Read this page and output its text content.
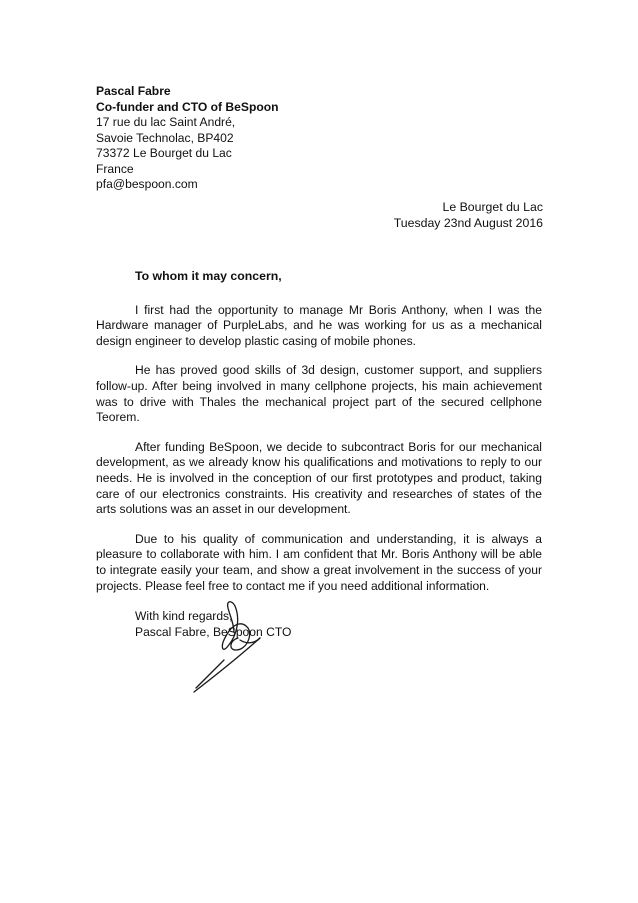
Pascal Fabre
Co-funder and CTO of BeSpoon
17 rue du lac Saint André,
Savoie Technolac, BP402
73372 Le Bourget du Lac
France
pfa@bespoon.com
Le Bourget du Lac
Tuesday 23nd August 2016
To whom it may concern,

I first had the opportunity to manage Mr Boris Anthony, when I was the Hardware manager of PurpleLabs, and he was working for us as a mechanical design engineer to develop plastic casing of mobile phones.

He has proved good skills of 3d design, customer support, and suppliers follow-up. After being involved in many cellphone projects, his main achievement was to drive with Thales the mechanical project part of the secured cellphone Teorem.

After funding BeSpoon, we decide to subcontract Boris for our mechanical development, as we already know his qualifications and motivations to reply to our needs. He is involved in the conception of our first prototypes and product, taking care of our electronics constraints. His creativity and researches of states of the arts solutions was an asset in our development.

Due to his quality of communication and understanding, it is always a pleasure to collaborate with him. I am confident that Mr. Boris Anthony will be able to integrate easily your team, and show a great involvement in the success of your projects. Please feel free to contact me if you need additional information.

With kind regards,
Pascal Fabre, BeSpoon CTO
